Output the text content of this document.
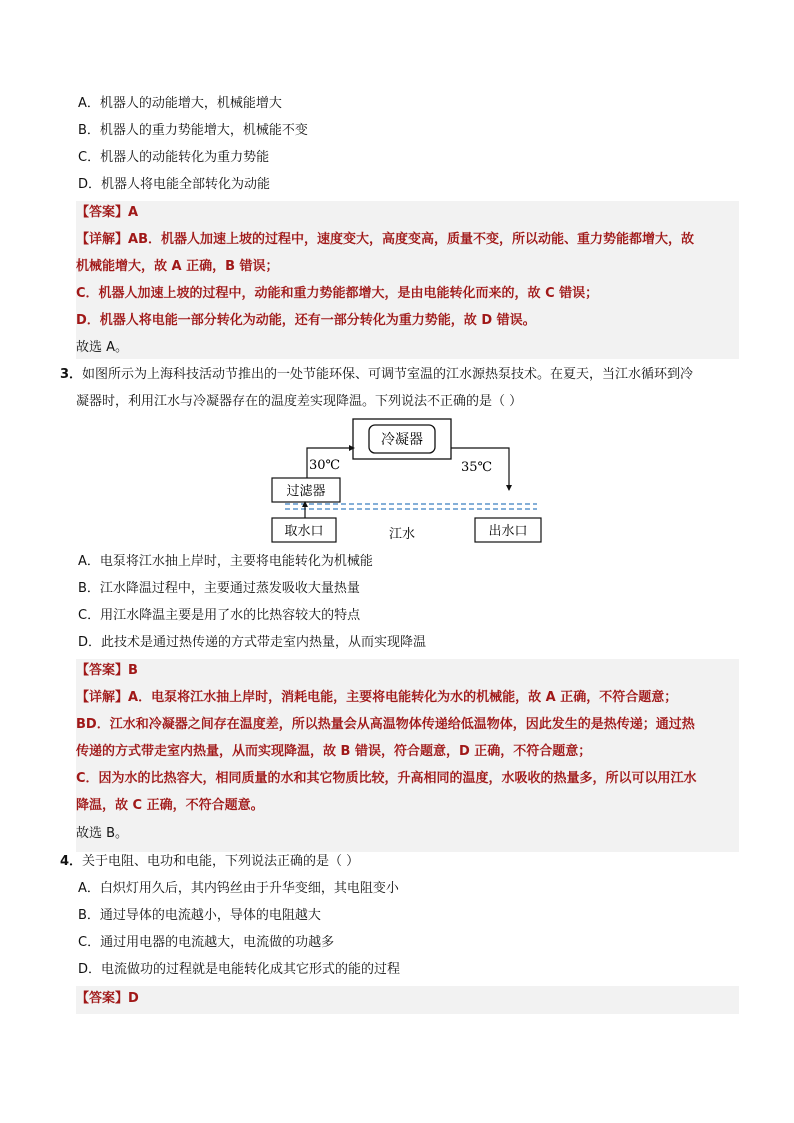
A．机器人的动能增大，机械能增大
B．机器人的重力势能增大，机械能不变
C．机器人的动能转化为重力势能
D．机器人将电能全部转化为动能
【答案】A
【详解】AB．机器人加速上坡的过程中，速度变大，高度变高，质量不变，所以动能、重力势能都增大，故
机械能增大，故 A 正确，B 错误；
C．机器人加速上坡的过程中，动能和重力势能都增大，是由电能转化而来的，故 C 错误；
D．机器人将电能一部分转化为动能，还有一部分转化为重力势能，故 D 错误。
故选 A。
3．如图所示为上海科技活动节推出的一处节能环保、可调节室温的江水源热泵技术。在夏天，当江水循环到冷
凝器时，利用江水与冷凝器存在的温度差实现降温。下列说法不正确的是（ ）
冷凝器
30℃	35℃
过滤器
取水口	江水	出水口
A．电泵将江水抽上岸时，主要将电能转化为机械能
B．江水降温过程中，主要通过蒸发吸收大量热量
C．用江水降温主要是用了水的比热容较大的特点
D．此技术是通过热传递的方式带走室内热量，从而实现降温
【答案】B
【详解】A．电泵将江水抽上岸时，消耗电能，主要将电能转化为水的机械能，故 A 正确，不符合题意；
BD．江水和冷凝器之间存在温度差，所以热量会从高温物体传递给低温物体，因此发生的是热传递；通过热
传递的方式带走室内热量，从而实现降温，故 B 错误，符合题意，D 正确，不符合题意；
C．因为水的比热容大，相同质量的水和其它物质比较，升高相同的温度，水吸收的热量多，所以可以用江水
降温，故 C 正确，不符合题意。
故选 B。
4．关于电阻、电功和电能，下列说法正确的是（ ）
A．白炽灯用久后，其内钨丝由于升华变细，其电阻变小
B．通过导体的电流越小，导体的电阻越大
C．通过用电器的电流越大，电流做的功越多
D．电流做功的过程就是电能转化成其它形式的能的过程
【答案】D
